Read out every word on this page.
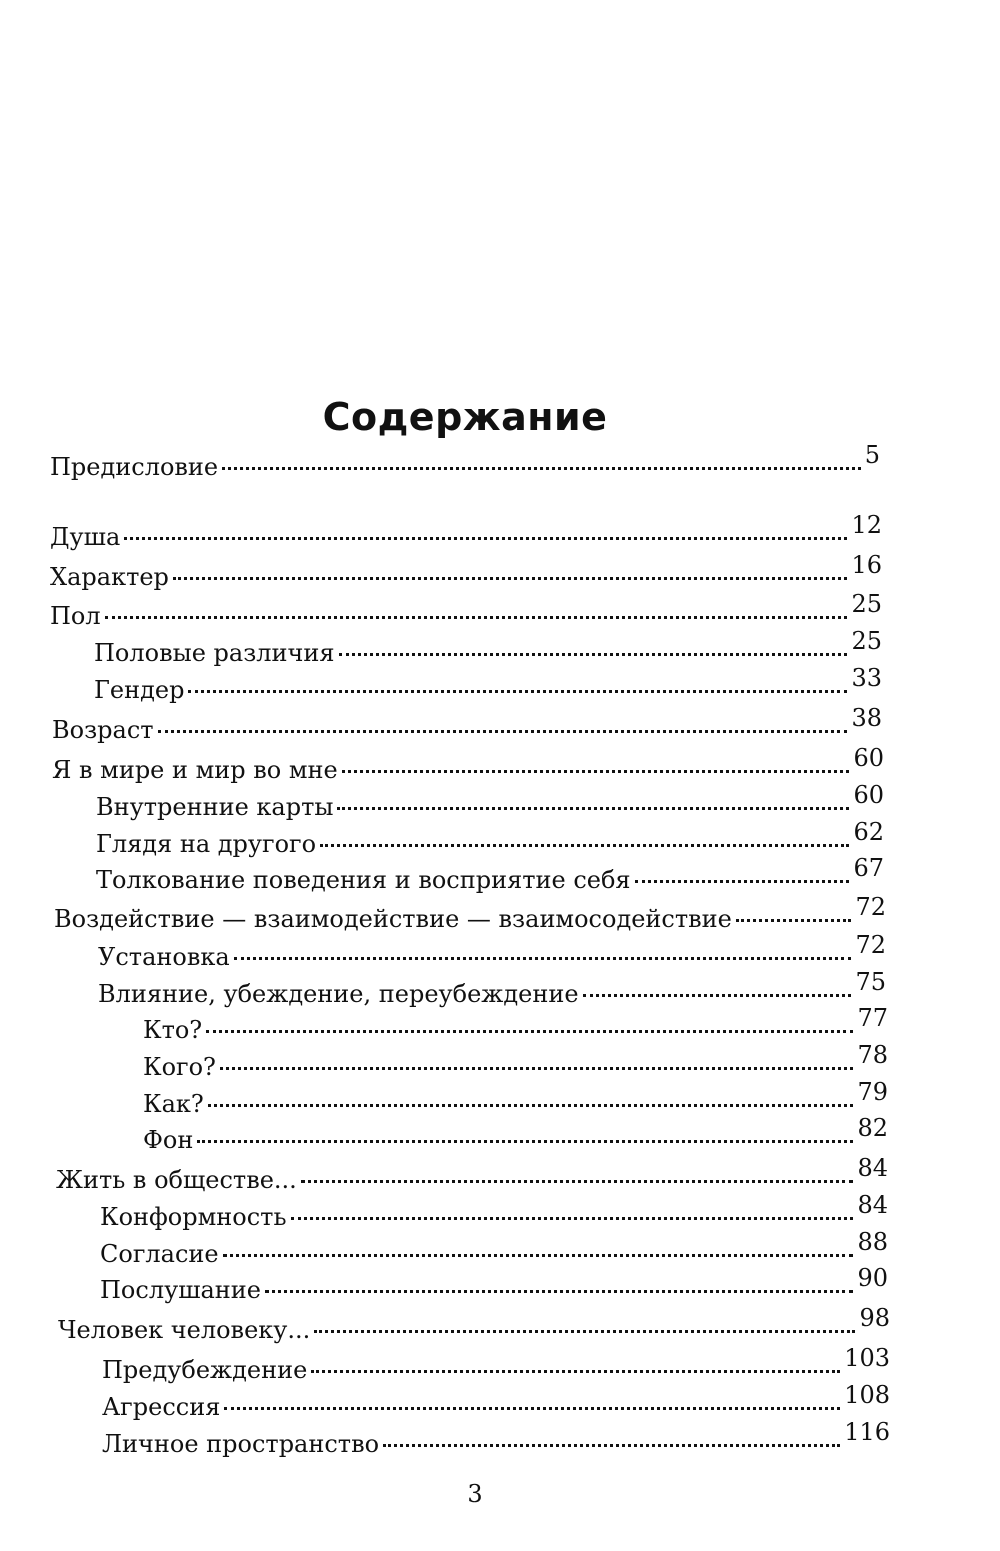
Содержание
Предисловие	5
Душа	12
Характер	16
Пол	25
Половые различия	25
Гендер	33
Возраст	38
Я в мире и мир во мне	60
Внутренние карты	60
Глядя на другого	62
Толкование поведения и восприятие себя	67
Воздействие — взаимодействие — взаимосодействие	72
Установка	72
Влияние, убеждение, переубеждение	75
Кто?	77
Кого?	78
Как?	79
Фон	82
Жить в обществе...	84
Конформность	84
Согласие	88
Послушание	90
Человек человеку...	98
Предубеждение	103
Агрессия	108
Личное пространство	116
3
